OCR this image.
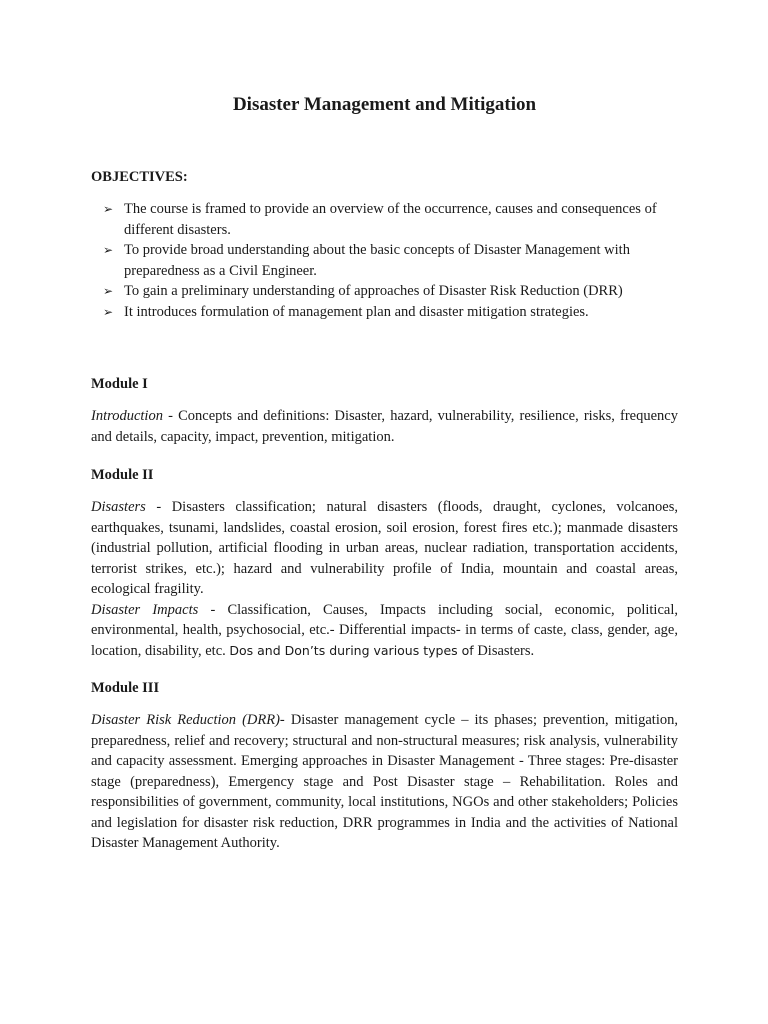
Disaster Management and Mitigation
OBJECTIVES:
➢ The course is framed to provide an overview of the occurrence, causes and consequences of different disasters.
➢ To provide broad understanding about the basic concepts of Disaster Management with preparedness as a Civil Engineer.
➢ To gain a preliminary understanding of approaches of Disaster Risk Reduction (DRR)
➢ It introduces formulation of management plan and disaster mitigation strategies.
Module I

Introduction - Concepts and definitions: Disaster, hazard, vulnerability, resilience, risks, frequency and details, capacity, impact, prevention, mitigation.

Module II

Disasters - Disasters classification; natural disasters (floods, draught, cyclones, volcanoes, earthquakes, tsunami, landslides, coastal erosion, soil erosion, forest fires etc.); manmade disasters (industrial pollution, artificial flooding in urban areas, nuclear radiation, transportation accidents, terrorist strikes, etc.); hazard and vulnerability profile of India, mountain and coastal areas, ecological fragility.
Disaster Impacts - Classification, Causes, Impacts including social, economic, political, environmental, health, psychosocial, etc.- Differential impacts- in terms of caste, class, gender, age, location, disability, etc. Dos and Don’ts during various types of Disasters.

Module III

Disaster Risk Reduction (DRR)- Disaster management cycle – its phases; prevention, mitigation, preparedness, relief and recovery; structural and non-structural measures; risk analysis, vulnerability and capacity assessment. Emerging approaches in Disaster Management - Three stages: Pre-disaster stage (preparedness), Emergency stage and Post Disaster stage – Rehabilitation. Roles and responsibilities of government, community, local institutions, NGOs and other stakeholders; Policies and legislation for disaster risk reduction, DRR programmes in India and the activities of National Disaster Management Authority.
